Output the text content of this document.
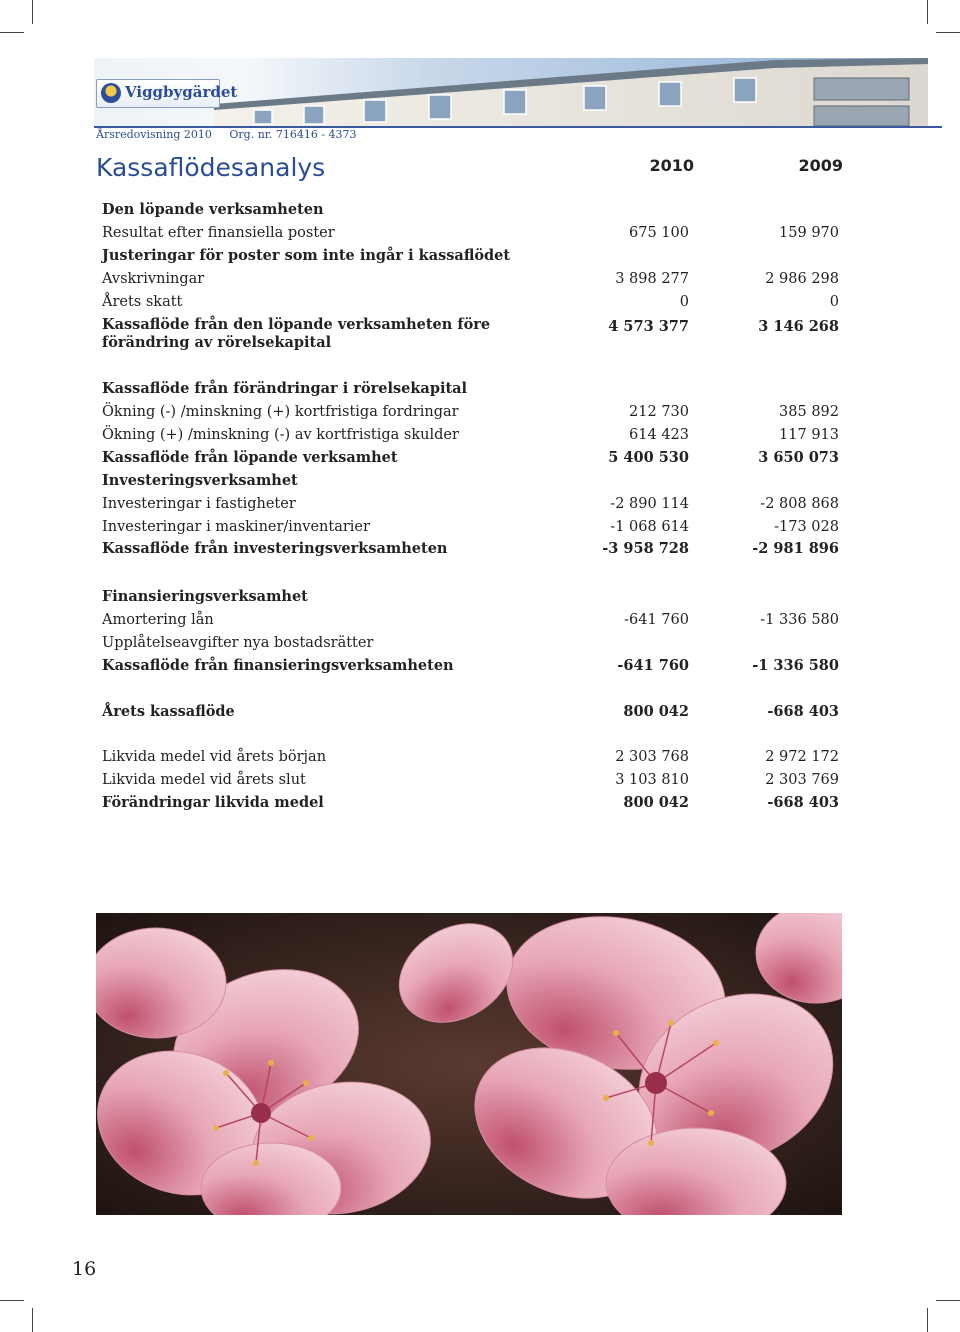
Viggbygärdet
Årsredovisning 2010 Org. nr. 716416 - 4373
Kassaflödesanalys	2010	2009
Den löpande verksamheten
Resultat efter finansiella poster	675 100	159 970
Justeringar för poster som inte ingår i kassaflödet
Avskrivningar	3 898 277	2 986 298
Årets skatt	0	0
Kassaflöde från den löpande verksamheten före förändring av rörelsekapital
4 573 377	3 146 268
Kassaflöde från förändringar i rörelsekapital
Ökning (-) /minskning (+) kortfristiga fordringar	212 730	385 892
Ökning (+) /minskning (-) av kortfristiga skulder	614 423	117 913
Kassaflöde från löpande verksamhet	5 400 530	3 650 073
Investeringsverksamhet
Investeringar i fastigheter	-2 890 114	-2 808 868
Investeringar i maskiner/inventarier	-1 068 614	-173 028
Kassaflöde från investeringsverksamheten	-3 958 728	-2 981 896
Finansieringsverksamhet
Amortering lån	-641 760	-1 336 580
Upplåtelseavgifter nya bostadsrätter
Kassaflöde från finansieringsverksamheten	-641 760	-1 336 580
Årets kassaflöde	800 042	-668 403
Likvida medel vid årets början	2 303 768	2 972 172
Likvida medel vid årets slut	3 103 810	2 303 769
Förändringar likvida medel	800 042	-668 403
16
